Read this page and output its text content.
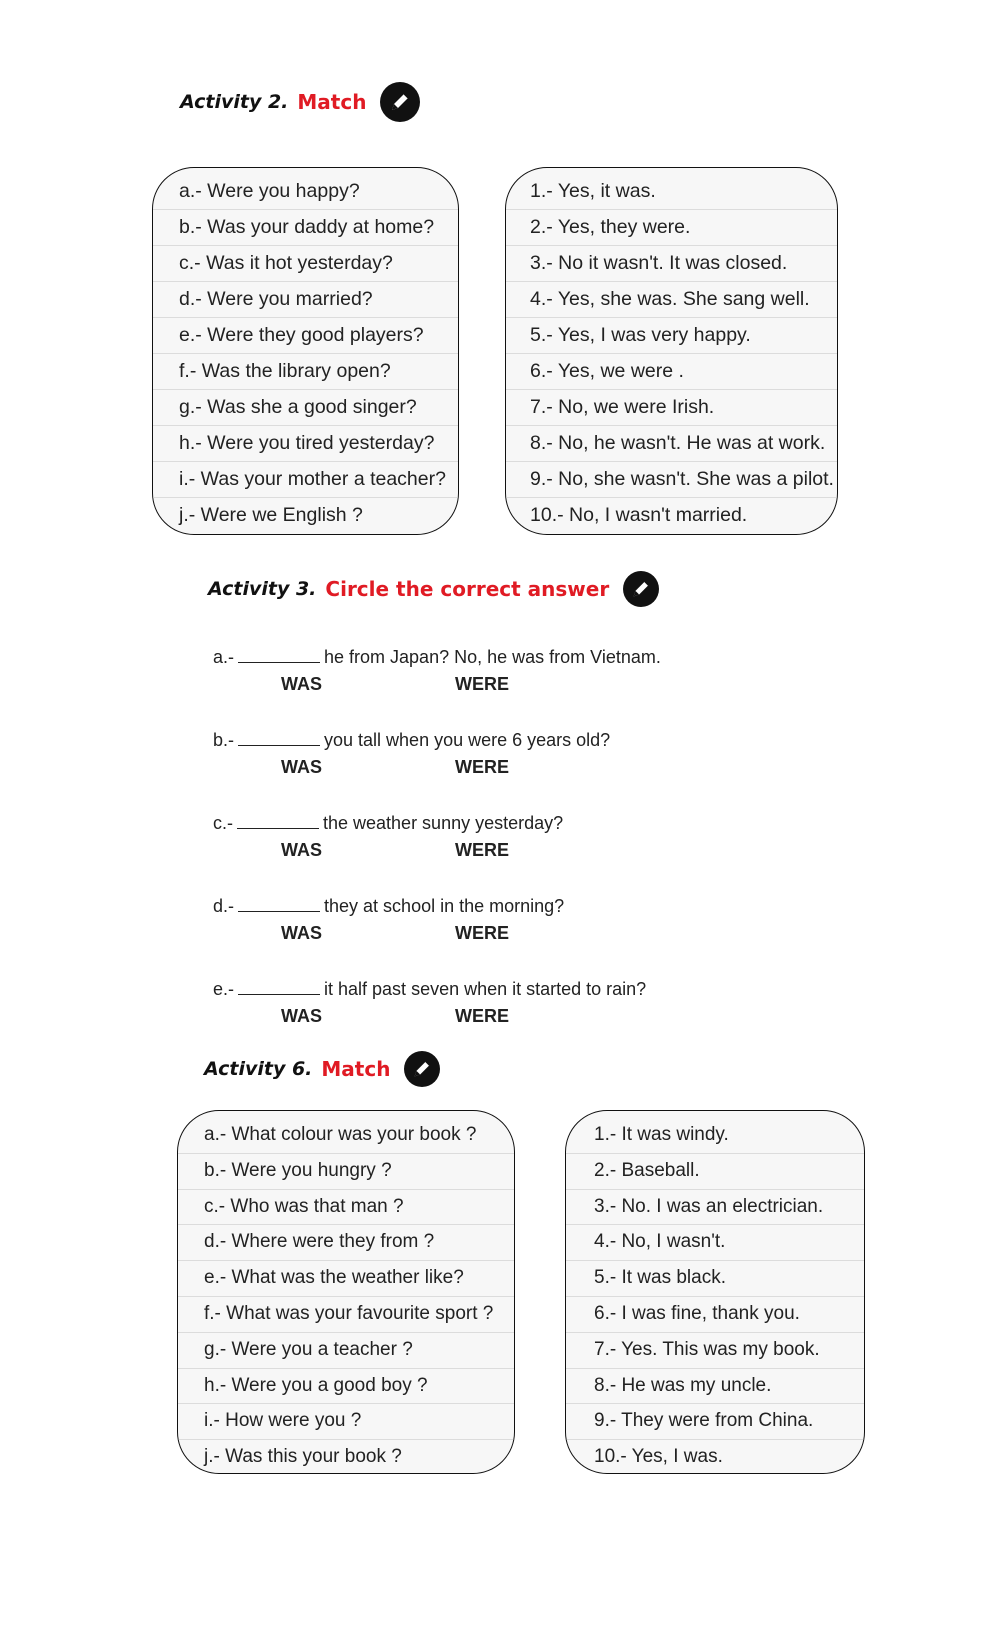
Activity 2. Match
a.- Were you happy?
b.- Was your daddy at home?
c.- Was it hot yesterday?
d.- Were you married?
e.- Were they good players?
f.- Was the library open?
g.- Was she a good singer?
h.- Were you tired yesterday?
i.- Was your mother a teacher?
j.- Were we English ?
1.- Yes, it was.
2.- Yes, they were.
3.- No it wasn't. It was closed.
4.- Yes, she was. She sang well.
5.- Yes, I was very happy.
6.- Yes, we were .
7.- No, we were Irish.
8.- No, he wasn't. He was at work.
9.- No, she wasn't. She was a pilot.
10.- No, I wasn't married.
Activity 3. Circle the correct answer
a.-	he from Japan? No, he was from Vietnam.
WAS	WERE
b.-	you tall when you were 6 years old?
WAS	WERE
c.-	the weather sunny yesterday?
WAS	WERE
d.-	they at school in the morning?
WAS	WERE
e.-	it half past seven when it started to rain?
WAS	WERE
Activity 6. Match
a.- What colour was your book ?
b.- Were you hungry ?
c.- Who was that man ?
d.- Where were they from ?
e.- What was the weather like?
f.- What was your favourite sport ?
g.- Were you a teacher ?
h.- Were you a good boy ?
i.- How were you ?
j.- Was this your book ?
1.- It was windy.
2.- Baseball.
3.- No. I was an electrician.
4.- No, I wasn't.
5.- It was black.
6.- I was fine, thank you.
7.- Yes. This was my book.
8.- He was my uncle.
9.- They were from China.
10.- Yes, I was.
